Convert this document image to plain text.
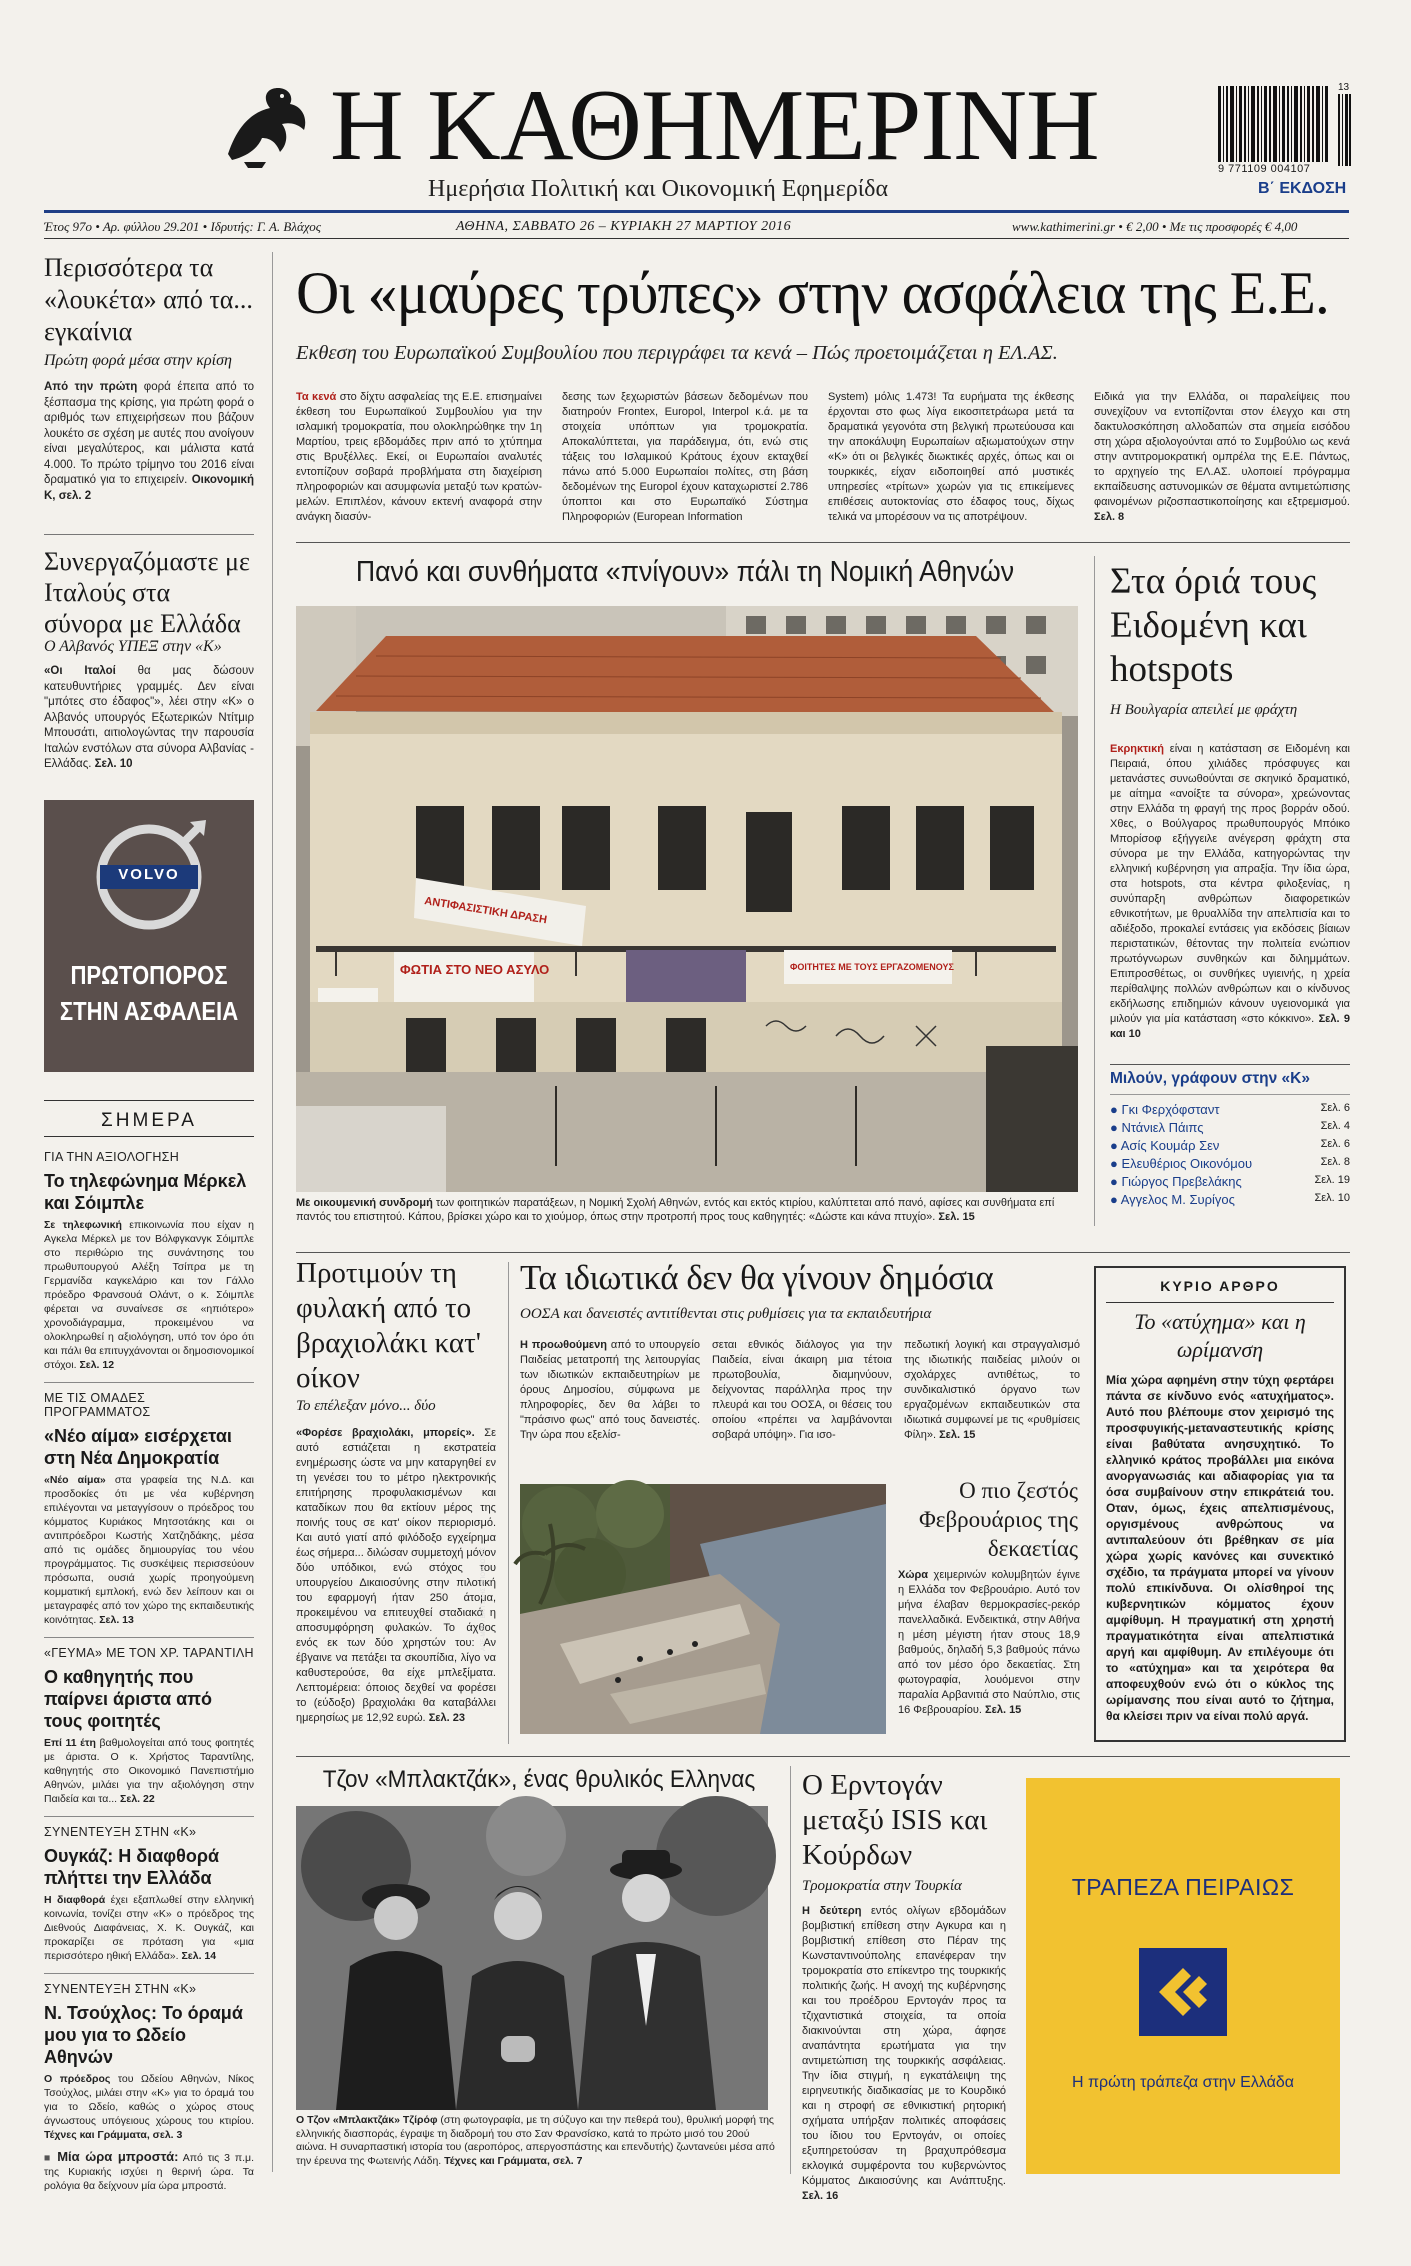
Η ΚΑΘΗΜΕΡΙΝΗ
Ημερήσια Πολιτική και Οικονομική Εφημερίδα
13
9 771109 004107
Β΄ ΕΚΔΟΣΗ
Έτος 97ο • Αρ. φύλλου 29.201 • Ιδρυτής: Γ. Α. Βλάχος	ΑΘΗΝΑ, ΣΑΒΒΑΤΟ 26 – ΚΥΡΙΑΚΗ 27 ΜΑΡΤΙΟΥ 2016	www.kathimerini.gr • € 2,00 • Με τις προσφορές € 4,00
Περισσότερα τα «λουκέτα» από τα... εγκαίνια
Πρώτη φορά μέσα στην κρίση

Από την πρώτη φορά έπειτα από το ξέσπασμα της κρίσης, για πρώτη φορά ο αριθμός των επιχειρήσεων που βάζουν λουκέτο σε σχέση με αυτές που ανοίγουν είναι μεγαλύτερος, και μάλιστα κατά 4.000. Το πρώτο τρίμηνο του 2016 είναι δραματικό για το επιχειρείν. Οικονομική Κ, σελ. 2

Συνεργαζόμαστε με Ιταλούς στα σύνορα με Ελλάδα
Ο Αλβανός ΥΠΕΞ στην «Κ»

«Οι Ιταλοί θα μας δώσουν κατευθυντήριες γραμμές. Δεν είναι "μπότες στο έδαφος"», λέει στην «Κ» ο Αλβανός υπουργός Εξωτερικών Ντίτμιρ Μπουσάτι, αιτιολογώντας την παρουσία Ιταλών ενστόλων στα σύνορα Αλβανίας - Ελλάδας. Σελ. 10

VOLVO
ΠΡΩΤΟΠΟΡΟΣ
ΣΤΗΝ ΑΣΦΑΛΕΙΑ
ΣΗΜΕΡΑ
ΓΙΑ ΤΗΝ ΑΞΙΟΛΟΓΗΣΗ
Το τηλεφώνημα Μέρκελ και Σόιμπλε

Σε τηλεφωνική επικοινωνία που είχαν η Αγκελα Μέρκελ με τον Βόλφγκανγκ Σόιμπλε στο περιθώριο της συνάντησης του πρωθυπουργού Αλέξη Τσίπρα με τη Γερμανίδα καγκελάριο και τον Γάλλο πρόεδρο Φρανσουά Ολάντ, ο κ. Σόιμπλε φέρεται να συναίνεσε σε «ηπιότερο» χρονοδιάγραμμα, προκειμένου να ολοκληρωθεί η αξιολόγηση, υπό τον όρο ότι και πάλι θα επιτυγχάνονται οι δημοσιονομικοί στόχοι. Σελ. 12

ΜΕ ΤΙΣ ΟΜΑΔΕΣ ΠΡΟΓΡΑΜΜΑΤΟΣ
«Νέο αίμα» εισέρχεται στη Νέα Δημοκρατία

«Νέο αίμα» στα γραφεία της Ν.Δ. και προσδοκίες ότι με νέα κυβέρνηση επιλέγονται να μεταγγίσουν ο πρόεδρος του κόμματος Κυριάκος Μητσοτάκης και οι αντιπρόεδροι Κωστής Χατζηδάκης, μέσα από τις ομάδες δημιουργίας του νέου προγράμματος. Τις συσκέψεις περισσεύουν πρόσωπα, ουσιά χωρίς προηγούμενη κομματική εμπλοκή, ενώ δεν λείπουν και οι μεταγραφές από τον χώρο της εκπαιδευτικής κοινότητας. Σελ. 13

«ΓΕΥΜΑ» ΜΕ ΤΟΝ ΧΡ. ΤΑΡΑΝΤΙΛΗ
Ο καθηγητής που παίρνει άριστα από τους φοιτητές

Επί 11 έτη βαθμολογείται από τους φοιτητές με άριστα. Ο κ. Χρήστος Ταραντίλης, καθηγητής στο Οικονομικό Πανεπιστήμιο Αθηνών, μιλάει για την αξιολόγηση στην Παιδεία και τα... Σελ. 22

ΣΥΝΕΝΤΕΥΞΗ ΣΤΗΝ «Κ»
Ουγκάζ: Η διαφθορά πλήττει την Ελλάδα

Η διαφθορά έχει εξαπλωθεί στην ελληνική κοινωνία, τονίζει στην «Κ» ο πρόεδρος της Διεθνούς Διαφάνειας, Χ. Κ. Ουγκάζ, και προκαρίζει σε πρόταση για «μια περισσότερο ηθική Ελλάδα». Σελ. 14

ΣΥΝΕΝΤΕΥΞΗ ΣΤΗΝ «Κ»
Ν. Τσούχλος: Το όραμά μου για το Ωδείο Αθηνών

Ο πρόεδρος του Ωδείου Αθηνών, Νίκος Τσούχλος, μιλάει στην «Κ» για το όραμά του για το Ωδείο, καθώς ο χώρος στους άγνωστους υπόγειους χώρους του κτιρίου. Τέχνες και Γράμματα, σελ. 3

■ Μία ώρα μπροστά: Από τις 3 π.μ. της Κυριακής ισχύει η θερινή ώρα. Τα ρολόγια θα δείχνουν μία ώρα μπροστά.

Οι «μαύρες τρύπες» στην ασφάλεια της Ε.Ε.
Εκθεση του Ευρωπαϊκού Συμβουλίου που περιγράφει τα κενά – Πώς προετοιμάζεται η ΕΛ.ΑΣ.

Τα κενά στο δίχτυ ασφαλείας της Ε.Ε. επισημαίνει έκθεση του Ευρωπαϊκού Συμβουλίου για την ισλαμική τρομοκρατία, που ολοκληρώθηκε την 1η Μαρτίου, τρεις εβδομάδες πριν από το χτύπημα στις Βρυξέλλες. Εκεί, οι Ευρωπαίοι αναλυτές εντοπίζουν σοβαρά προβλήματα στη διαχείριση πληροφοριών και ασυμφωνία μεταξύ των κρατών-μελών. Επιπλέον, κάνουν εκτενή αναφορά στην ανάγκη διασύν-

δεσης των ξεχωριστών βάσεων δεδομένων που διατηρούν Frontex, Europol, Interpol κ.ά. με τα στοιχεία υπόπτων για τρομοκρατία. Αποκαλύπτεται, για παράδειγμα, ότι, ενώ στις τάξεις του Ισλαμικού Κράτους έχουν εκταχθεί πάνω από 5.000 Ευρωπαίοι πολίτες, στη βάση δεδομένων της Europol έχουν καταχωριστεί 2.786 ύποπτοι και στο Ευρωπαϊκό Σύστημα Πληροφοριών (European Information

System) μόλις 1.473! Τα ευρήματα της έκθεσης έρχονται στο φως λίγα εικοσιτετράωρα μετά τα δραματικά γεγονότα στη βελγική πρωτεύουσα και την αποκάλυψη Ευρωπαίων αξιωματούχων στην «Κ» ότι οι βελγικές διωκτικές αρχές, όπως και οι τουρκικές, είχαν ειδοποιηθεί από μυστικές υπηρεσίες «τρίτων» χωρών για τις επικείμενες επιθέσεις αυτοκτονίας στο έδαφος τους, δίχως τελικά να μπορέσουν να τις αποτρέψουν.

Ειδικά για την Ελλάδα, οι παραλείψεις που συνεχίζουν να εντοπίζονται στον έλεγχο και στη δακτυλοσκόπηση αλλοδαπών στα σημεία εισόδου στη χώρα αξιολογούνται από το Συμβούλιο ως κενά στην αντιτρομοκρατική ομπρέλα της Ε.Ε. Πάντως, το αρχηγείο της ΕΛ.ΑΣ. υλοποιεί πρόγραμμα εκπαίδευσης αστυνομικών σε θέματα αντιμετώπισης φαινομένων ριζοσπαστικοποίησης και εξτρεμισμού. Σελ. 8

Πανό και συνθήματα «πνίγουν» πάλι τη Νομική Αθηνών
ΦΩΤΙΑ ΣΤΟ ΝΕΟ ΑΣΥΛΟ
ΑΝΤΙΦΑΣΙΣΤΙΚΗ ΔΡΑΣΗ
ΦΟΙΤΗΤΕΣ ΜΕ ΤΟΥΣ ΕΡΓΑΖΟΜΕΝΟΥΣ

Με οικουμενική συνδρομή των φοιτητικών παρατάξεων, η Νομική Σχολή Αθηνών, εντός και εκτός κτιρίου, καλύπτεται από πανό, αφίσες και συνθήματα επί παντός του επιστητού. Κάπου, βρίσκει χώρο και το χιούμορ, όπως στην προτροπή προς τους καθηγητές: «Δώστε και κάνα πτυχίο». Σελ. 15

Στα όριά τους Ειδομένη και hotspots
Η Βουλγαρία απειλεί με φράχτη

Εκρηκτική είναι η κατάσταση σε Ειδομένη και Πειραιά, όπου χιλιάδες πρόσφυγες και μετανάστες συνωθούνται σε σκηνικό δραματικό, με αίτημα «ανοίξτε τα σύνορα», χρεώνοντας στην Ελλάδα τη φραγή της προς βορράν οδού. Χθες, ο Βούλγαρος πρωθυπουργός Μπόικο Μπορίσοφ εξήγγειλε ανέγερση φράχτη στα σύνορα με την Ελλάδα, κατηγορώντας την ελληνική κυβέρνηση για απραξία. Την ίδια ώρα, στα hotspots, στα κέντρα φιλοξενίας, η συνύπαρξη ανθρώπων διαφορετικών εθνικοτήτων, με θρυαλλίδα την απελπισία και το αδιέξοδο, προκαλεί εντάσεις για εκδόσεις βίαιων περιστατικών, θέτοντας την πολιτεία ενώπιον πρωτόγνωρων συνθηκών και διλημμάτων. Επιπροσθέτως, οι συνθήκες υγιεινής, η χρεία περίθαλψης πολλών ανθρώπων και ο κίνδυνος εκδήλωσης επιδημιών κάνουν υγειονομικά για μιλούν για μία κατάσταση «στο κόκκινο». Σελ. 9 και 10

Μιλούν, γράφουν στην «Κ»
● Γκι Φερχόφσταντ	Σελ. 6
● Ντάνιελ Πάιπς	Σελ. 4
● Ασίς Κουμάρ Σεν	Σελ. 6
● Ελευθέριος Οικονόμου	Σελ. 8
● Γιώργος Πρεβελάκης	Σελ. 19
● Αγγελος Μ. Συρίγος	Σελ. 10
Προτιμούν τη φυλακή από το βραχιολάκι κατ' οίκον
Το επέλεξαν μόνο... δύο

«Φορέσε βραχιολάκι, μπορείς». Σε αυτό εστιάζεται η εκστρατεία ενημέρωσης ώστε να μην καταργηθεί εν τη γενέσει του το μέτρο ηλεκτρονικής επιτήρησης προφυλακισμένων και καταδίκων που θα εκτίουν μέρος της ποινής τους σε κατ' οίκον περιορισμό. Και αυτό γιατί από φιλόδοξο εγχείρημα έως σήμερα... διλώσαν συμμετοχή μόνον δύο υπόδικοι, ενώ στόχος του υπουργείου Δικαιοσύνης στην πιλοτική του εφαρμογή ήταν 250 άτομα, προκειμένου να επιτευχθεί σταδιακά η αποσυμφόρηση φυλακών. Το άχθος ενός εκ των δύο χρηστών του: Αν έβγαινε να πετάξει τα σκουπίδια, λίγο να καθυστερούσε, θα είχε μπλεξίματα. Λεπτομέρεια: όποιος δεχθεί να φορέσει το (εύδοξο) βραχιολάκι θα καταβάλλει ημερησίως με 12,92 ευρώ. Σελ. 23

Τα ιδιωτικά δεν θα γίνουν δημόσια
ΟΟΣΑ και δανειστές αντιτίθενται στις ρυθμίσεις για τα εκπαιδευτήρια

Η προωθούμενη από το υπουργείο Παιδείας μετατροπή της λειτουργίας των ιδιωτικών εκπαιδευτηρίων με όρους Δημοσίου, σύμφωνα με πληροφορίες, δεν θα λάβει το "πράσινο φως" από τους δανειστές. Την ώρα που εξελίσ-

σεται εθνικός διάλογος για την Παιδεία, είναι άκαιρη μια τέτοια πρωτοβουλία, διαμηνύουν, δείχνοντας παράλληλα προς την πλευρά και του ΟΟΣΑ, οι θέσεις του οποίου «πρέπει να λαμβάνονται σοβαρά υπόψη». Για ισο-

πεδωτική λογική και στραγγαλισμό της ιδιωτικής παιδείας μιλούν οι σχολάρχες αντιθέτως, το συνδικαλιστικό όργανο των εργαζομένων εκπαιδευτικών στα ιδιωτικά συμφωνεί με τις «ρυθμίσεις Φίλη». Σελ. 15

ΑΠΕ-ΜΠΕ / ΒΑΓΓΕΛΗΣ ΜΠΟΥΓΙΩΤΗΣ
Ο πιο ζεστός Φεβρουάριος της δεκαετίας

Χώρα χειμερινών κολυμβητών έγινε η Ελλάδα τον Φεβρουάριο. Αυτό τον μήνα έλαβαν θερμοκρασίες-ρεκόρ πανελλαδικά. Ενδεικτικά, στην Αθήνα η μέση μέγιστη ήταν στους 18,9 βαθμούς, δηλαδή 5,3 βαθμούς πάνω από τον μέσο όρο δεκαετίας. Στη φωτογραφία, λουόμενοι στην παραλία Αρβανιτιά στο Ναύπλιο, στις 16 Φεβρουαρίου. Σελ. 15

ΚΥΡΙΟ ΑΡΘΡΟ
Το «ατύχημα» και η ωρίμανση

Μία χώρα αφημένη στην τύχη φερτάρει πάντα σε κίνδυνο ενός «ατυχήματος». Αυτό που βλέπουμε στον χειρισμό της προσφυγικής-μεταναστευτικής κρίσης είναι βαθύτατα ανησυχητικό. Το ελληνικό κράτος προβάλλει μια εικόνα ανοργανωσιάς και αδιαφορίας για τα όσα συμβαίνουν στην επικράτειά του. Οταν, όμως, έχεις απελπισμένους, οργισμένους ανθρώπους να αντιπαλεύουν ότι βρέθηκαν σε μία χώρα χωρίς κανόνες και συνεκτικό σχέδιο, τα πράγματα μπορεί να γίνουν πολύ επικίνδυνα. Οι ολίσθηροί της κυβερνητικών κόμματος έχουν αμφίθυμη. Η πραγματική στη χρηστή πραγματικότητα είναι απελπιστικά αργή και αμφίθυμη. Αν επιλέγουμε ότι το «ατύχημα» και τα χειρότερα θα αποφευχθούν ενώ ότι ο κύκλος της ωρίμανσης που είναι αυτό το ζήτημα, θα κλείσει πριν να είναι πολύ αργά.

Τζον «Μπλακτζάκ», ένας θρυλικός Ελληνας

Ο Τζον «Μπλακτζάκ» Τζίρόφ (στη φωτογραφία, με τη σύζυγο και την πεθερά του), θρυλική μορφή της ελληνικής διασποράς, έγραψε τη διαδρομή του στο Σαν Φρανσίσκο, κατά το πρώτο μισό του 20ού αιώνα. Η συναρπαστική ιστορία του (αεροπόρος, απεργοσπάστης και επενδυτής) ζωντανεύει μέσα από την έρευνα της Φωτεινής Λάδη. Τέχνες και Γράμματα, σελ. 7

Ο Ερντογάν μεταξύ ISIS και Κούρδων
Τρομοκρατία στην Τουρκία

Η δεύτερη εντός ολίγων εβδομάδων βομβιστική επίθεση στην Αγκυρα και η βομβιστική επίθεση στο Πέραν της Κωνσταντινούπολης επανέφεραν την τρομοκρατία στο επίκεντρο της τουρκικής πολιτικής ζωής. Η ανοχή της κυβέρνησης και του προέδρου Ερντογάν προς τα τζιχαντιστικά στοιχεία, τα οποία διακινούνται στη χώρα, άφησε αναπάντητα ερωτήματα για την αντιμετώπιση της τουρκικής ασφάλειας. Την ίδια στιγμή, η εγκατάλειψη της ειρηνευτικής διαδικασίας με το Κουρδικό και η στροφή σε εθνικιστική ρητορική σχήματα υπήρξαν πολιτικές αποφάσεις του ίδιου του Ερντογάν, οι οποίες εξυπηρετούσαν τη βραχυπρόθεσμα εκλογικά συμφέροντα του κυβερνώντος Κόμματος Δικαιοσύνης και Ανάπτυξης. Σελ. 16

ΤΡΑΠΕΖΑ ΠΕΙΡΑΙΩΣ
Η πρώτη τράπεζα στην Ελλάδα
